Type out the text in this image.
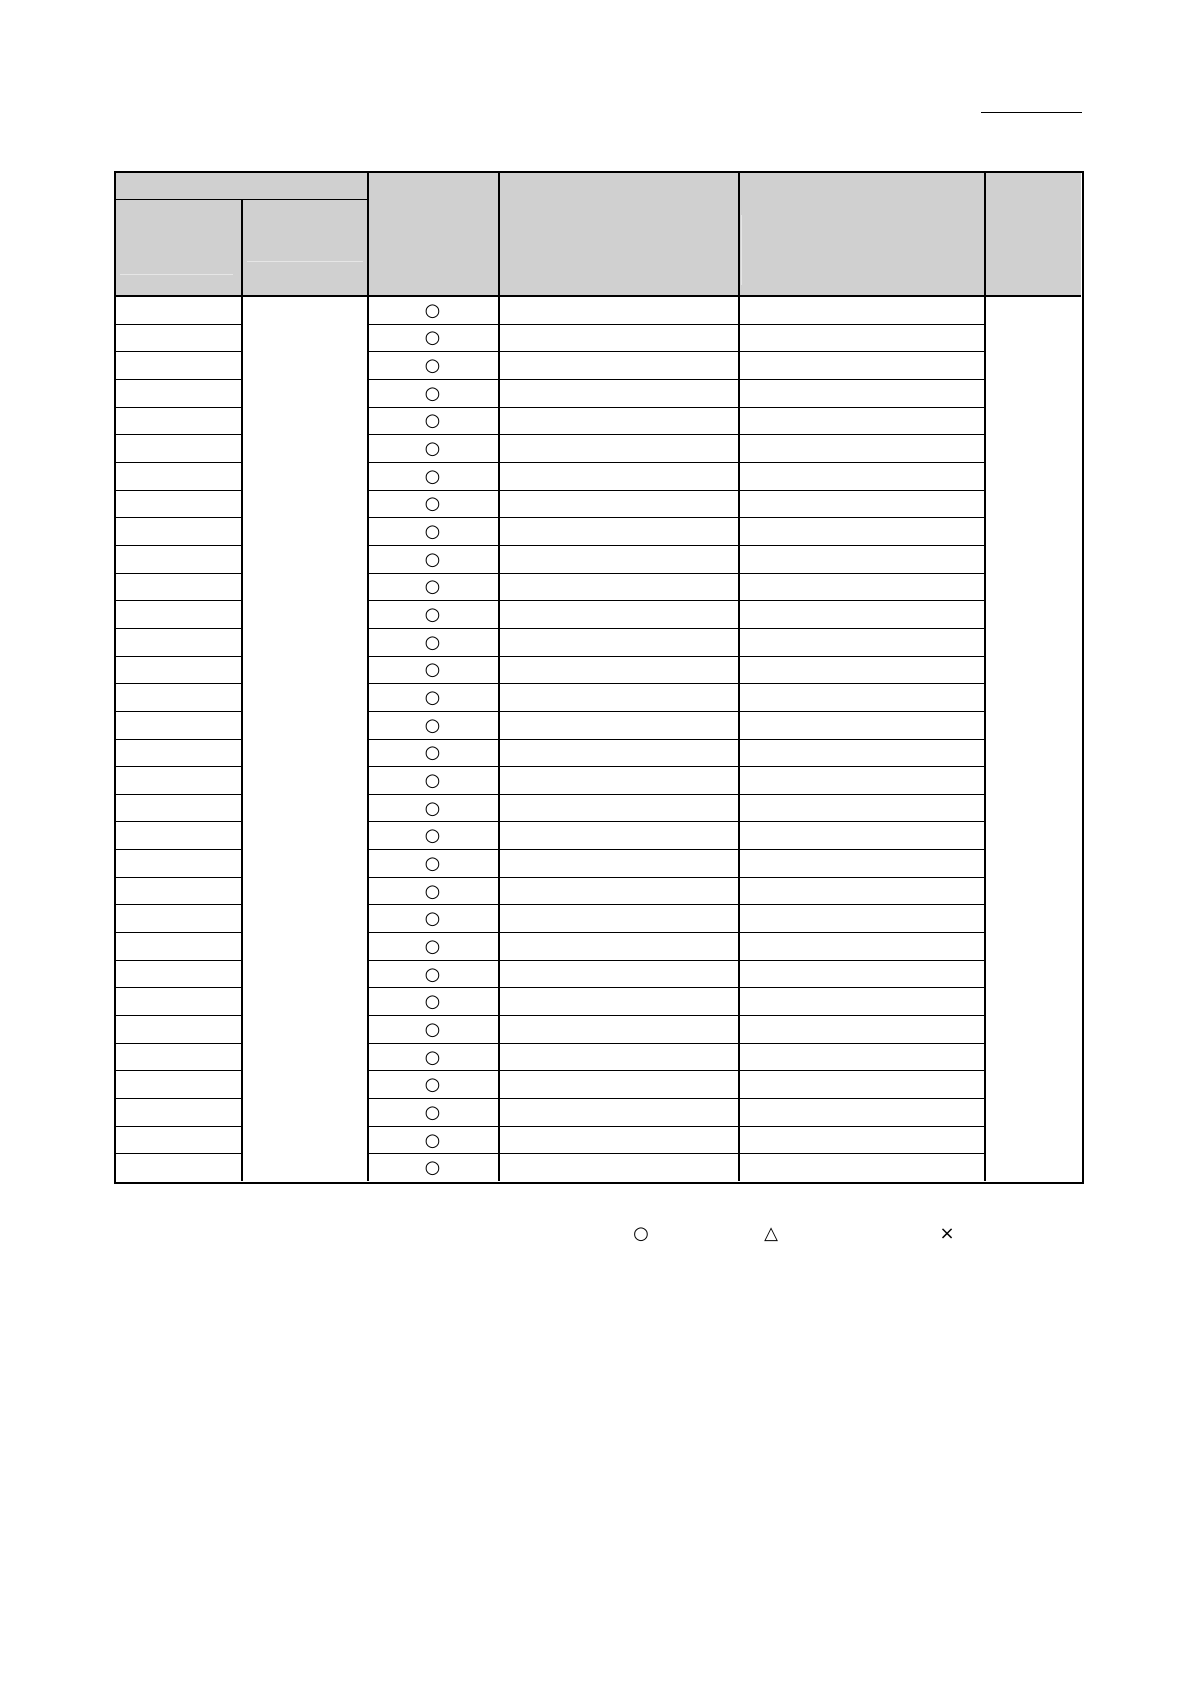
○
○
○
○
○
○
○
○
○
○
○
○
○
○
○
○
○
○
○
○
○
○
○
○
○
○
○
○
○
○
○
○
○	△	×
